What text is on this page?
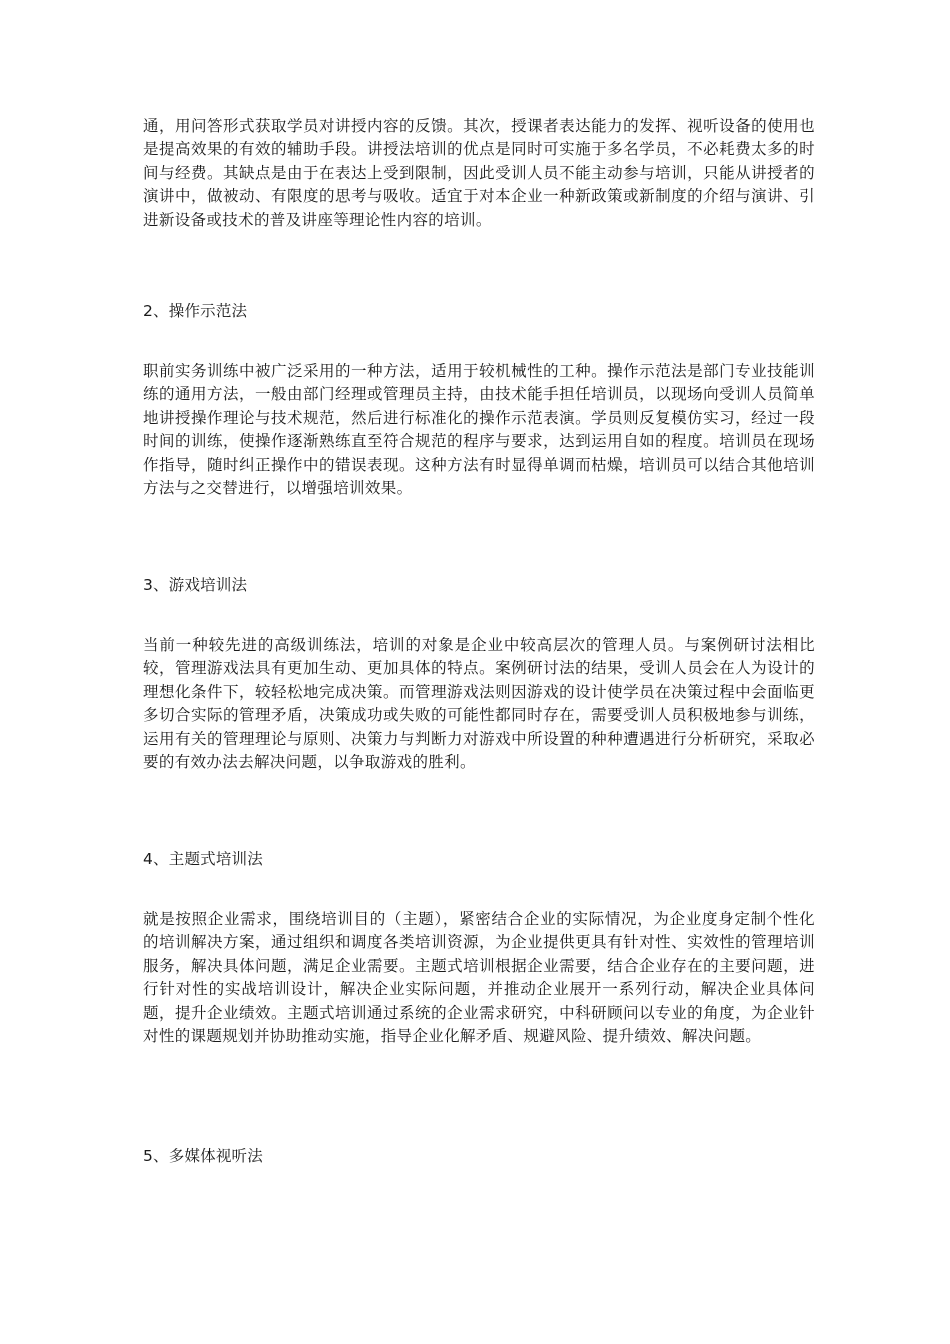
通，用问答形式获取学员对讲授内容的反馈。其次，授课者表达能力的发挥、视听设备的使用也是提高效果的有效的辅助手段。讲授法培训的优点是同时可实施于多名学员，不必耗费太多的时间与经费。其缺点是由于在表达上受到限制，因此受训人员不能主动参与培训，只能从讲授者的演讲中，做被动、有限度的思考与吸收。适宜于对本企业一种新政策或新制度的介绍与演讲、引进新设备或技术的普及讲座等理论性内容的培训。

2、操作示范法

职前实务训练中被广泛采用的一种方法，适用于较机械性的工种。操作示范法是部门专业技能训练的通用方法，一般由部门经理或管理员主持，由技术能手担任培训员，以现场向受训人员简单地讲授操作理论与技术规范，然后进行标准化的操作示范表演。学员则反复模仿实习，经过一段时间的训练，使操作逐渐熟练直至符合规范的程序与要求，达到运用自如的程度。培训员在现场作指导，随时纠正操作中的错误表现。这种方法有时显得单调而枯燥，培训员可以结合其他培训方法与之交替进行，以增强培训效果。

3、游戏培训法

当前一种较先进的高级训练法，培训的对象是企业中较高层次的管理人员。与案例研讨法相比较，管理游戏法具有更加生动、更加具体的特点。案例研讨法的结果，受训人员会在人为设计的理想化条件下，较轻松地完成决策。而管理游戏法则因游戏的设计使学员在决策过程中会面临更多切合实际的管理矛盾，决策成功或失败的可能性都同时存在，需要受训人员积极地参与训练，运用有关的管理理论与原则、决策力与判断力对游戏中所设置的种种遭遇进行分析研究，采取必要的有效办法去解决问题，以争取游戏的胜利。

4、主题式培训法

就是按照企业需求，围绕培训目的（主题），紧密结合企业的实际情况，为企业度身定制个性化的培训解决方案，通过组织和调度各类培训资源，为企业提供更具有针对性、实效性的管理培训服务，解决具体问题，满足企业需要。主题式培训根据企业需要，结合企业存在的主要问题，进行针对性的实战培训设计，解决企业实际问题，并推动企业展开一系列行动，解决企业具体问题，提升企业绩效。主题式培训通过系统的企业需求研究，中科研顾问以专业的角度，为企业针对性的课题规划并协助推动实施，指导企业化解矛盾、规避风险、提升绩效、解决问题。

5、多媒体视听法
